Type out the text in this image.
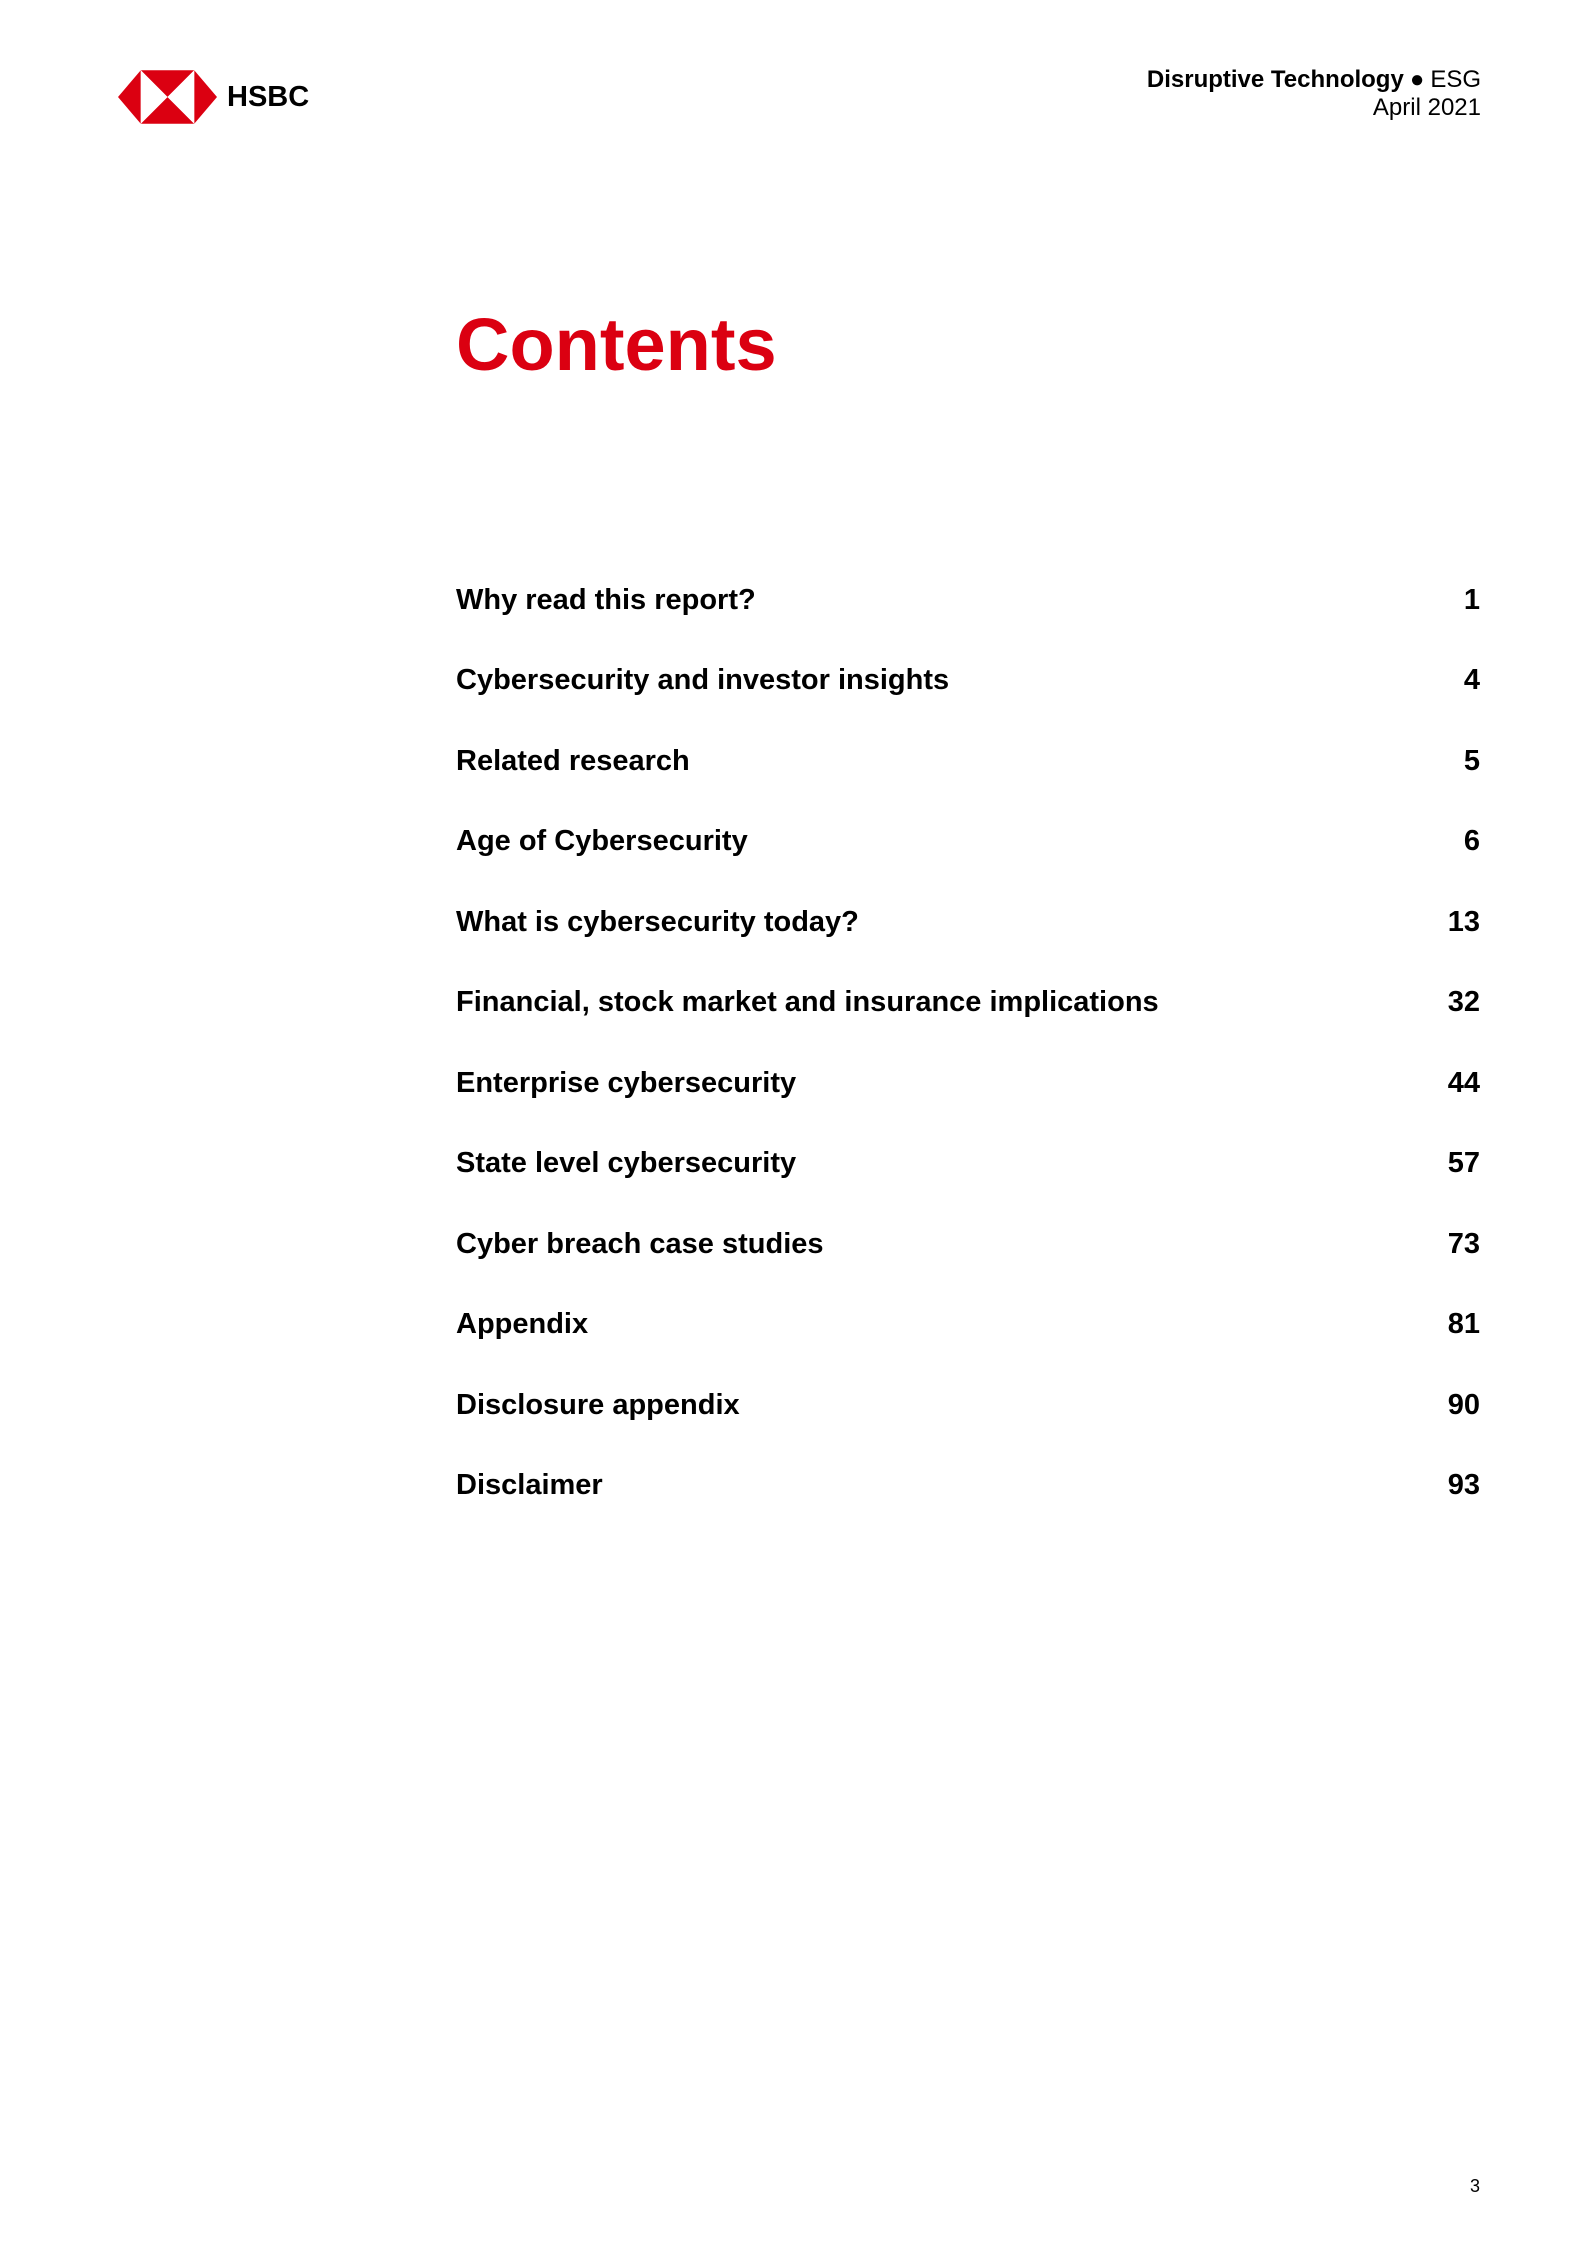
HSBC
Disruptive Technology ● ESG
April 2021
Contents
Why read this report?	1
Cybersecurity and investor insights	4
Related research	5
Age of Cybersecurity	6
What is cybersecurity today?	13
Financial, stock market and insurance implications	32
Enterprise cybersecurity	44
State level cybersecurity	57
Cyber breach case studies	73
Appendix	81
Disclosure appendix	90
Disclaimer	93
3
